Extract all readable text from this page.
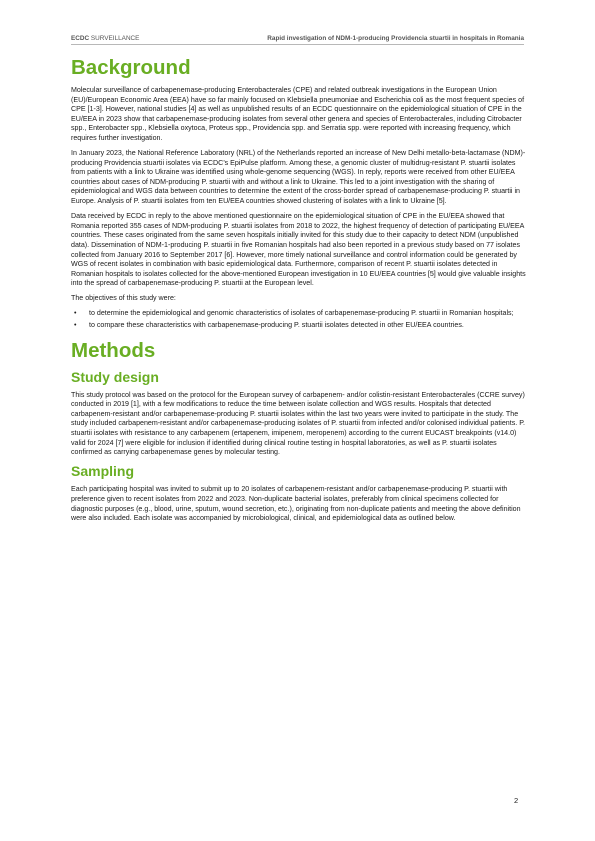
ECDC SURVEILLANCE	Rapid investigation of NDM-1-producing Providencia stuartii in hospitals in Romania
Background

Molecular surveillance of carbapenemase-producing Enterobacterales (CPE) and related outbreak investigations in the European Union (EU)/European Economic Area (EEA) have so far mainly focused on Klebsiella pneumoniae and Escherichia coli as the most frequent species of CPE [1-3]. However, national studies [4] as well as unpublished results of an ECDC questionnaire on the epidemiological situation of CPE in the EU/EEA in 2023 show that carbapenemase-producing isolates from several other genera and species of Enterobacterales, including Citrobacter spp., Enterobacter spp., Klebsiella oxytoca, Proteus spp., Providencia spp. and Serratia spp. were reported with increasing frequency, which requires further investigation.

In January 2023, the National Reference Laboratory (NRL) of the Netherlands reported an increase of New Delhi metallo-beta-lactamase (NDM)-producing Providencia stuartii isolates via ECDC’s EpiPulse platform. Among these, a genomic cluster of multidrug-resistant P. stuartii isolates from patients with a link to Ukraine was identified using whole-genome sequencing (WGS). In reply, reports were received from other EU/EEA countries about cases of NDM-producing P. stuartii with and without a link to Ukraine. This led to a joint investigation with the sharing of epidemiological and WGS data between countries to determine the extent of the cross-border spread of carbapenemase-producing P. stuartii in Europe. Analysis of P. stuartii isolates from ten EU/EEA countries showed clustering of isolates with a link to Ukraine [5].

Data received by ECDC in reply to the above mentioned questionnaire on the epidemiological situation of CPE in the EU/EEA showed that Romania reported 355 cases of NDM-producing P. stuartii isolates from 2018 to 2022, the highest frequency of detection of participating EU/EEA countries. These cases originated from the same seven hospitals initially invited for this study due to their capacity to detect NDM (unpublished data). Dissemination of NDM-1-producing P. stuartii in five Romanian hospitals had also been reported in a previous study based on 77 isolates collected from January 2016 to September 2017 [6]. However, more timely national surveillance and control information could be generated by WGS of recent isolates in combination with basic epidemiological data. Furthermore, comparison of recent P. stuartii isolates detected in Romanian hospitals to isolates collected for the above-mentioned European investigation in 10 EU/EEA countries [5] would give valuable insights into the spread of carbapenemase-producing P. stuartii at the European level.

The objectives of this study were:

• to determine the epidemiological and genomic characteristics of isolates of carbapenemase-producing P. stuartii in Romanian hospitals;
• to compare these characteristics with carbapenemase-producing P. stuartii isolates detected in other EU/EEA countries.
Methods
Study design

This study protocol was based on the protocol for the European survey of carbapenem- and/or colistin-resistant Enterobacterales (CCRE survey) conducted in 2019 [1], with a few modifications to reduce the time between isolate collection and WGS results. Hospitals that detected carbapenem-resistant and/or carbapenemase-producing P. stuartii isolates within the last two years were invited to participate in the study. The study included carbapenem-resistant and/or carbapenemase-producing isolates of P. stuartii from infected and/or colonised individual patients. P. stuartii isolates with resistance to any carbapenem (ertapenem, imipenem, meropenem) according to the current EUCAST breakpoints (v14.0) valid for 2024 [7] were eligible for inclusion if identified during clinical routine testing in hospital laboratories, as well as P. stuartii isolates confirmed as carrying carbapenemase genes by molecular testing.

Sampling

Each participating hospital was invited to submit up to 20 isolates of carbapenem-resistant and/or carbapenemase-producing P. stuartii with preference given to recent isolates from 2022 and 2023. Non-duplicate bacterial isolates, preferably from clinical specimens collected for diagnostic purposes (e.g., blood, urine, sputum, wound secretion, etc.), originating from non-duplicate patients and meeting the above definition were also included. Each isolate was accompanied by microbiological, clinical, and epidemiological data as outlined below.

2
